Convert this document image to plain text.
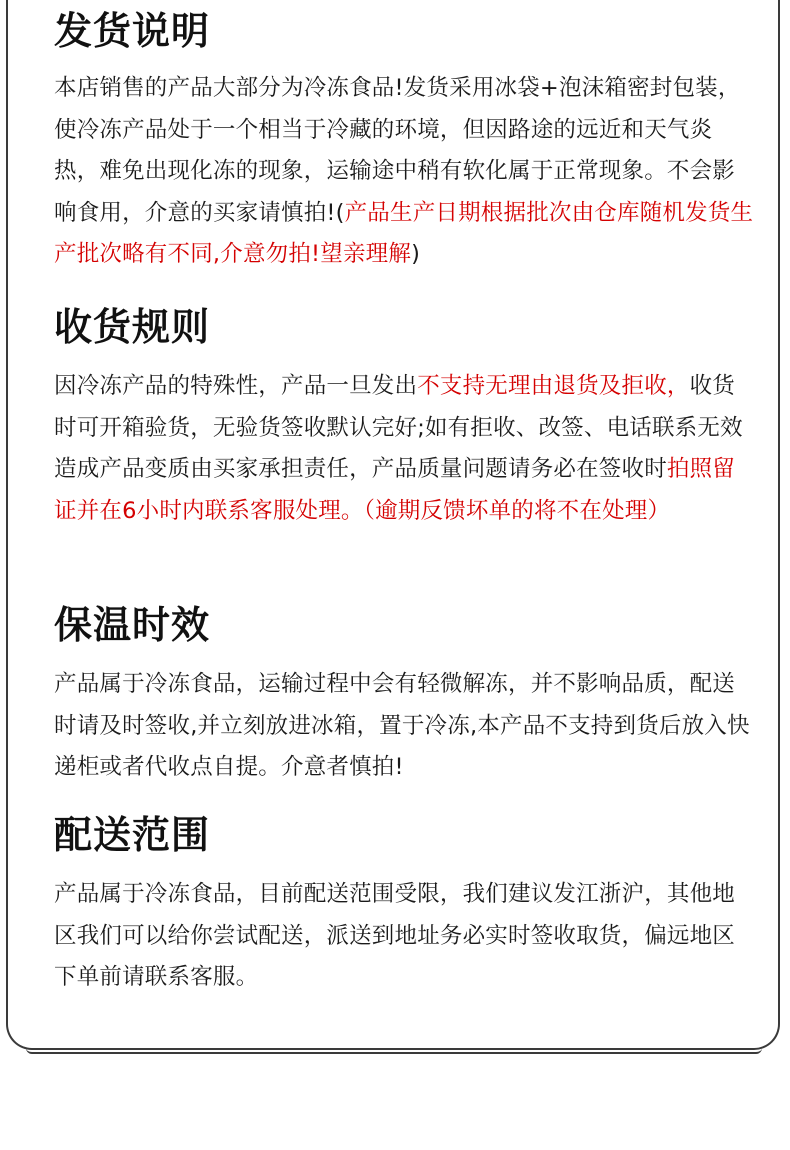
发货说明

本店销售的产品大部分为冷冻食品!发货采用冰袋+泡沫箱密封包装，使冷冻产品处于一个相当于冷藏的环境，但因路途的远近和天气炎热，难免出现化冻的现象，运输途中稍有软化属于正常现象。不会影响食用，介意的买家请慎拍!(产品生产日期根据批次由仓库随机发货生产批次略有不同,介意勿拍!望亲理解)

收货规则

因冷冻产品的特殊性，产品一旦发出不支持无理由退货及拒收，收货时可开箱验货，无验货签收默认完好;如有拒收、改签、电话联系无效造成产品变质由买家承担责任，产品质量问题请务必在签收时拍照留证并在6小时内联系客服处理。（逾期反馈坏单的将不在处理）

保温时效

产品属于冷冻食品，运输过程中会有轻微解冻，并不影响品质，配送时请及时签收,并立刻放进冰箱，置于冷冻,本产品不支持到货后放入快递柜或者代收点自提。介意者慎拍!

配送范围

产品属于冷冻食品，目前配送范围受限，我们建议发江浙沪，其他地区我们可以给你尝试配送，派送到地址务必实时签收取货，偏远地区下单前请联系客服。
